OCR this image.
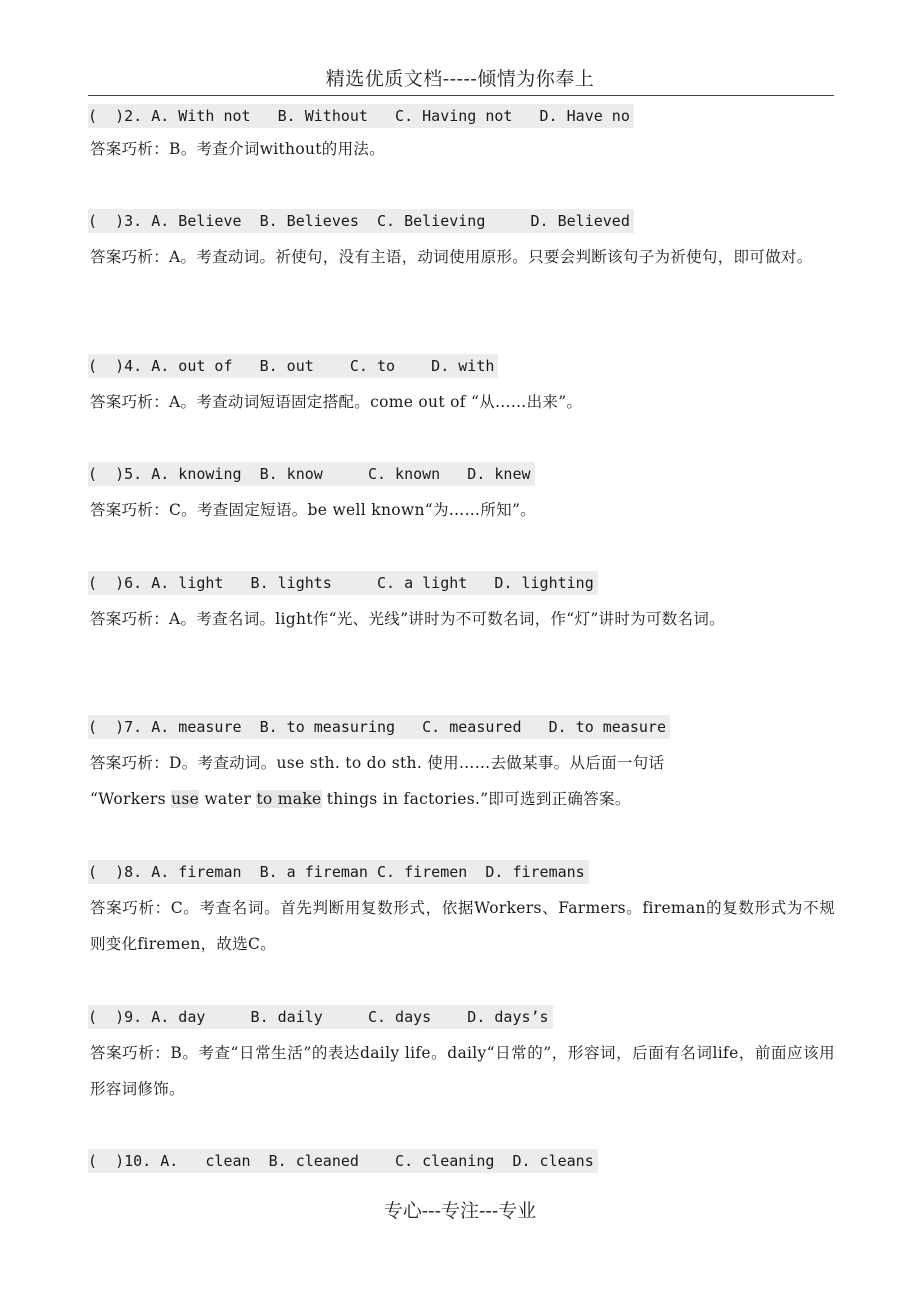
精选优质文档-----倾情为你奉上
(  )2. A. With not   B. Without   C. Having not   D. Have no
答案巧析：B。考查介词without的用法。
(  )3. A. Believe  B. Believes  C. Believing     D. Believed
答案巧析：A。考查动词。祈使句，没有主语，动词使用原形。只要会判断该句子为祈使句，即可做对。
(  )4. A. out of   B. out    C. to    D. with
答案巧析：A。考查动词短语固定搭配。come out of “从……出来”。
(  )5. A. knowing  B. know     C. known   D. knew
答案巧析：C。考查固定短语。be well known“为……所知”。
(  )6. A. light   B. lights     C. a light   D. lighting
答案巧析：A。考查名词。light作“光、光线”讲时为不可数名词，作“灯”讲时为可数名词。
(  )7. A. measure  B. to measuring   C. measured   D. to measure
答案巧析：D。考查动词。use sth. to do sth. 使用……去做某事。从后面一句话
“Workers use water to make things in factories.”即可选到正确答案。
(  )8. A. fireman  B. a fireman C. firemen  D. firemans
答案巧析：C。考查名词。首先判断用复数形式，依据Workers、Farmers。fireman的复数形式为不规则变化firemen，故选C。
(  )9. A. day     B. daily     C. days    D. days’s
答案巧析：B。考查“日常生活”的表达daily life。daily“日常的”，形容词，后面有名词life，前面应该用形容词修饰。
(  )10. A.   clean  B. cleaned    C. cleaning  D. cleans
专心---专注---专业
